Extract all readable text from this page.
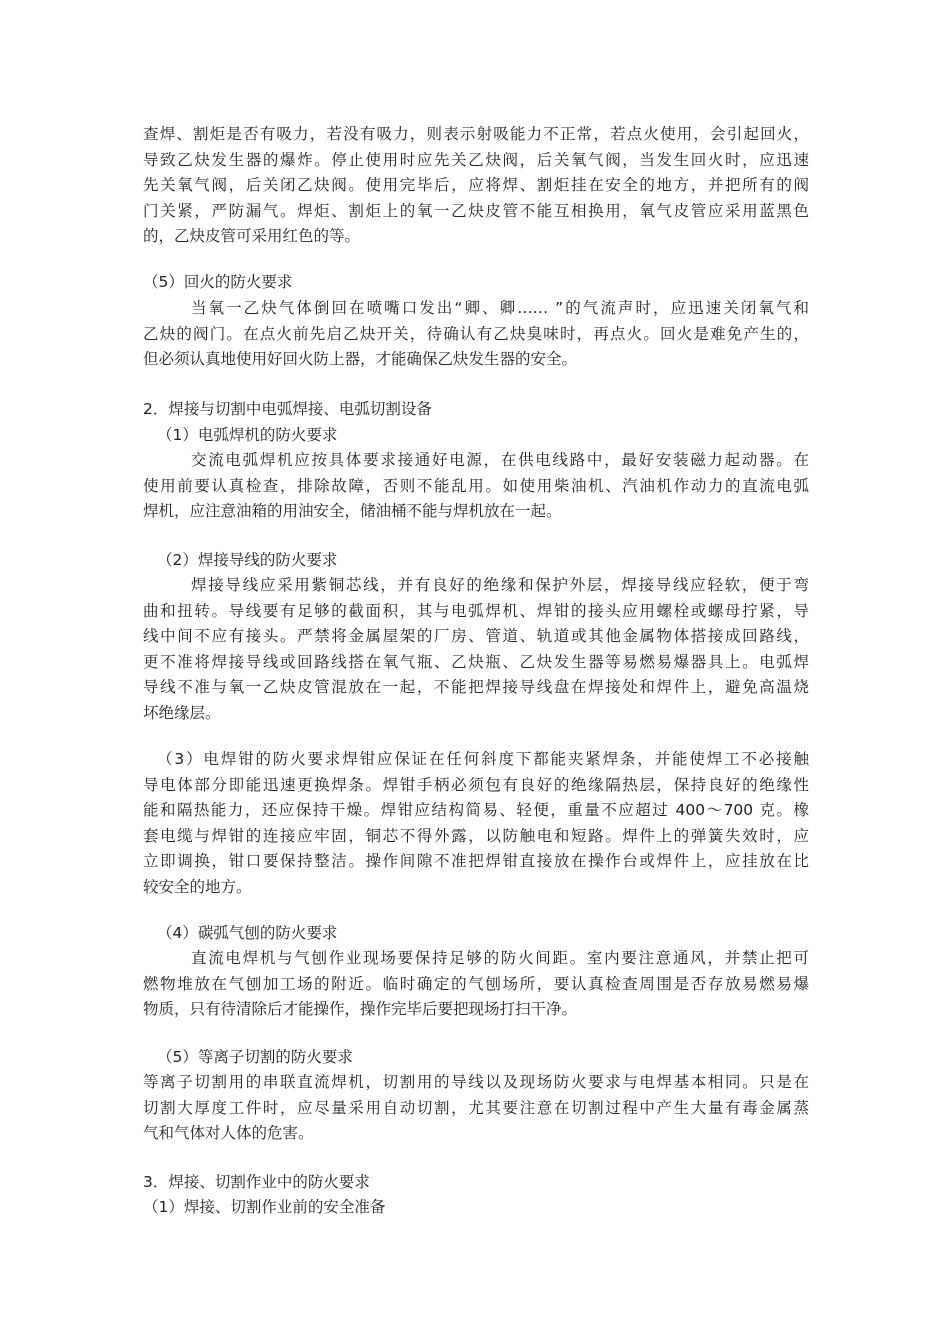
查焊、割炬是否有吸力，若没有吸力，则表示射吸能力不正常，若点火使用，会引起回火，
导致乙炔发生器的爆炸。停止使用时应先关乙炔阀，后关氧气阀，当发生回火时，应迅速
先关氧气阀，后关闭乙炔阀。使用完毕后，应将焊、割炬挂在安全的地方，并把所有的阀
门关紧，严防漏气。焊炬、割炬上的氧一乙炔皮管不能互相换用，氧气皮管应采用蓝黑色
的，乙炔皮管可采用红色的等。
（5）回火的防火要求
当氧一乙炔气体倒回在喷嘴口发出“卿、卿…… ”的气流声时，应迅速关闭氧气和
乙炔的阀门。在点火前先启乙炔开关，待确认有乙炔臭味时，再点火。回火是难免产生的，
但必须认真地使用好回火防上器，才能确保乙炔发生器的安全。
2．焊接与切割中电弧焊接、电弧切割设备
（1）电弧焊机的防火要求
交流电弧焊机应按具体要求接通好电源，在供电线路中，最好安装磁力起动器。在
使用前要认真检查，排除故障，否则不能乱用。如使用柴油机、汽油机作动力的直流电弧
焊机，应注意油箱的用油安全，储油桶不能与焊机放在一起。
（2）焊接导线的防火要求
焊接导线应采用紫铜芯线，并有良好的绝缘和保护外层，焊接导线应轻软，便于弯
曲和扭转。导线要有足够的截面积，其与电弧焊机、焊钳的接头应用螺栓或螺母拧紧，导
线中间不应有接头。严禁将金属屋架的厂房、管道、轨道或其他金属物体搭接成回路线，
更不准将焊接导线或回路线搭在氧气瓶、乙炔瓶、乙炔发生器等易燃易爆器具上。电弧焊
导线不准与氧一乙炔皮管混放在一起，不能把焊接导线盘在焊接处和焊件上，避免高温烧
坏绝缘层。
（3）电焊钳的防火要求焊钳应保证在任何斜度下都能夹紧焊条，并能使焊工不必接触
导电体部分即能迅速更换焊条。焊钳手柄必须包有良好的绝缘隔热层，保持良好的绝缘性
能和隔热能力，还应保持干燥。焊钳应结构简易、轻便，重量不应超过 400～700 克。橡
套电缆与焊钳的连接应牢固，铜芯不得外露，以防触电和短路。焊件上的弹簧失效时，应
立即调换，钳口要保持整洁。操作间隙不准把焊钳直接放在操作台或焊件上，应挂放在比
较安全的地方。
（4）碳弧气刨的防火要求
直流电焊机与气刨作业现场要保持足够的防火间距。室内要注意通风，并禁止把可
燃物堆放在气刨加工场的附近。临时确定的气刨场所，要认真检查周围是否存放易燃易爆
物质，只有待清除后才能操作，操作完毕后要把现场打扫干净。
（5）等离子切割的防火要求
等离子切割用的串联直流焊机，切割用的导线以及现场防火要求与电焊基本相同。只是在
切割大厚度工件时，应尽量采用自动切割，尤其要注意在切割过程中产生大量有毒金属蒸
气和气体对人体的危害。
3．焊接、切割作业中的防火要求
（1）焊接、切割作业前的安全准备
